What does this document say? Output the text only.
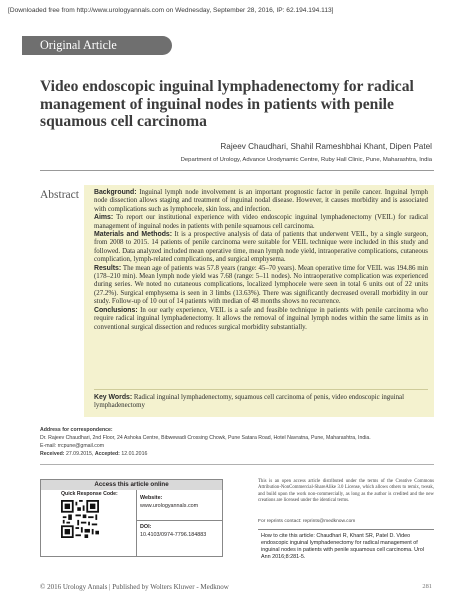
[Downloaded free from http://www.urologyannals.com on Wednesday, September 28, 2016, IP: 62.194.194.113]
Original Article
Video endoscopic inguinal lymphadenectomy for radical management of inguinal nodes in patients with penile squamous cell carcinoma
Rajeev Chaudhari, Shahil Rameshbhai Khant, Dipen Patel
Department of Urology, Advance Urodynamic Centre, Ruby Hall Clinic, Pune, Maharashtra, India
Abstract Background: Inguinal lymph node involvement is an important prognostic factor in penile cancer. Inguinal lymph node dissection allows staging and treatment of inguinal nodal disease. However, it causes morbidity and is associated with complications such as lymphocele, skin loss, and infection.

Aims: To report our institutional experience with video endoscopic inguinal lymphadenectomy (VEIL) for radical management of inguinal nodes in patients with penile squamous cell carcinoma.

Materials and Methods: It is a prospective analysis of data of patients that underwent VEIL, by a single surgeon, from 2008 to 2015. 14 patients of penile carcinoma were suitable for VEIL technique were included in this study and followed. Data analyzed included mean operative time, mean lymph node yield, intraoperative complications, cutaneous complication, lymph-related complications, and surgical emphysema.

Results: The mean age of patients was 57.8 years (range: 45–70 years). Mean operative time for VEIL was 194.86 min (178–210 min). Mean lymph node yield was 7.68 (range: 5–11 nodes). No intraoperative complication was experienced during series. We noted no cutaneous complications, localized lymphocele were seen in total 6 units out of 22 units (27.2%). Surgical emphysema is seen in 3 limbs (13.63%). There was significantly decreased overall morbidity in our study. Follow-up of 10 out of 14 patients with median of 48 months shows no recurrence.

Conclusions: In our early experience, VEIL is a safe and feasible technique in patients with penile carcinoma who require radical inguinal lymphadenectomy. It allows the removal of inguinal lymph nodes within the same limits as in conventional surgical dissection and reduces surgical morbidity substantially.

Key Words: Radical inguinal lymphadenectomy, squamous cell carcinoma of penis, video endoscopic inguinal lymphadenectomy

Address for correspondence:

Dr. Rajeev Chaudhari, 2nd Floor, 24 Ashoka Centre, Bibwewadi Crossing Chowk, Pune Satara Road, Hotel Navratna, Pune, Maharashtra, India.

E-mail: rrcpune@gmail.com

Received: 27.09.2015, Accepted: 12.01.2016

Access this article online
Quick Response Code:
Website:
www.urologyannals.com
DOI:
10.4103/0974-7796.184883
This is an open access article distributed under the terms of the Creative Commons Attribution-NonCommercial-ShareAlike 3.0 License, which allows others to remix, tweak, and build upon the work non-commercially, as long as the author is credited and the new creations are licensed under the identical terms.
For reprints contact: reprints@medknow.com

How to cite this article: Chaudhari R, Khant SR, Patel D. Video endoscopic inguinal lymphadenectomy for radical management of inguinal nodes in patients with penile squamous cell carcinoma. Urol Ann 2016;8:281-5.

© 2016 Urology Annals | Published by Wolters Kluwer - Medknow	281
